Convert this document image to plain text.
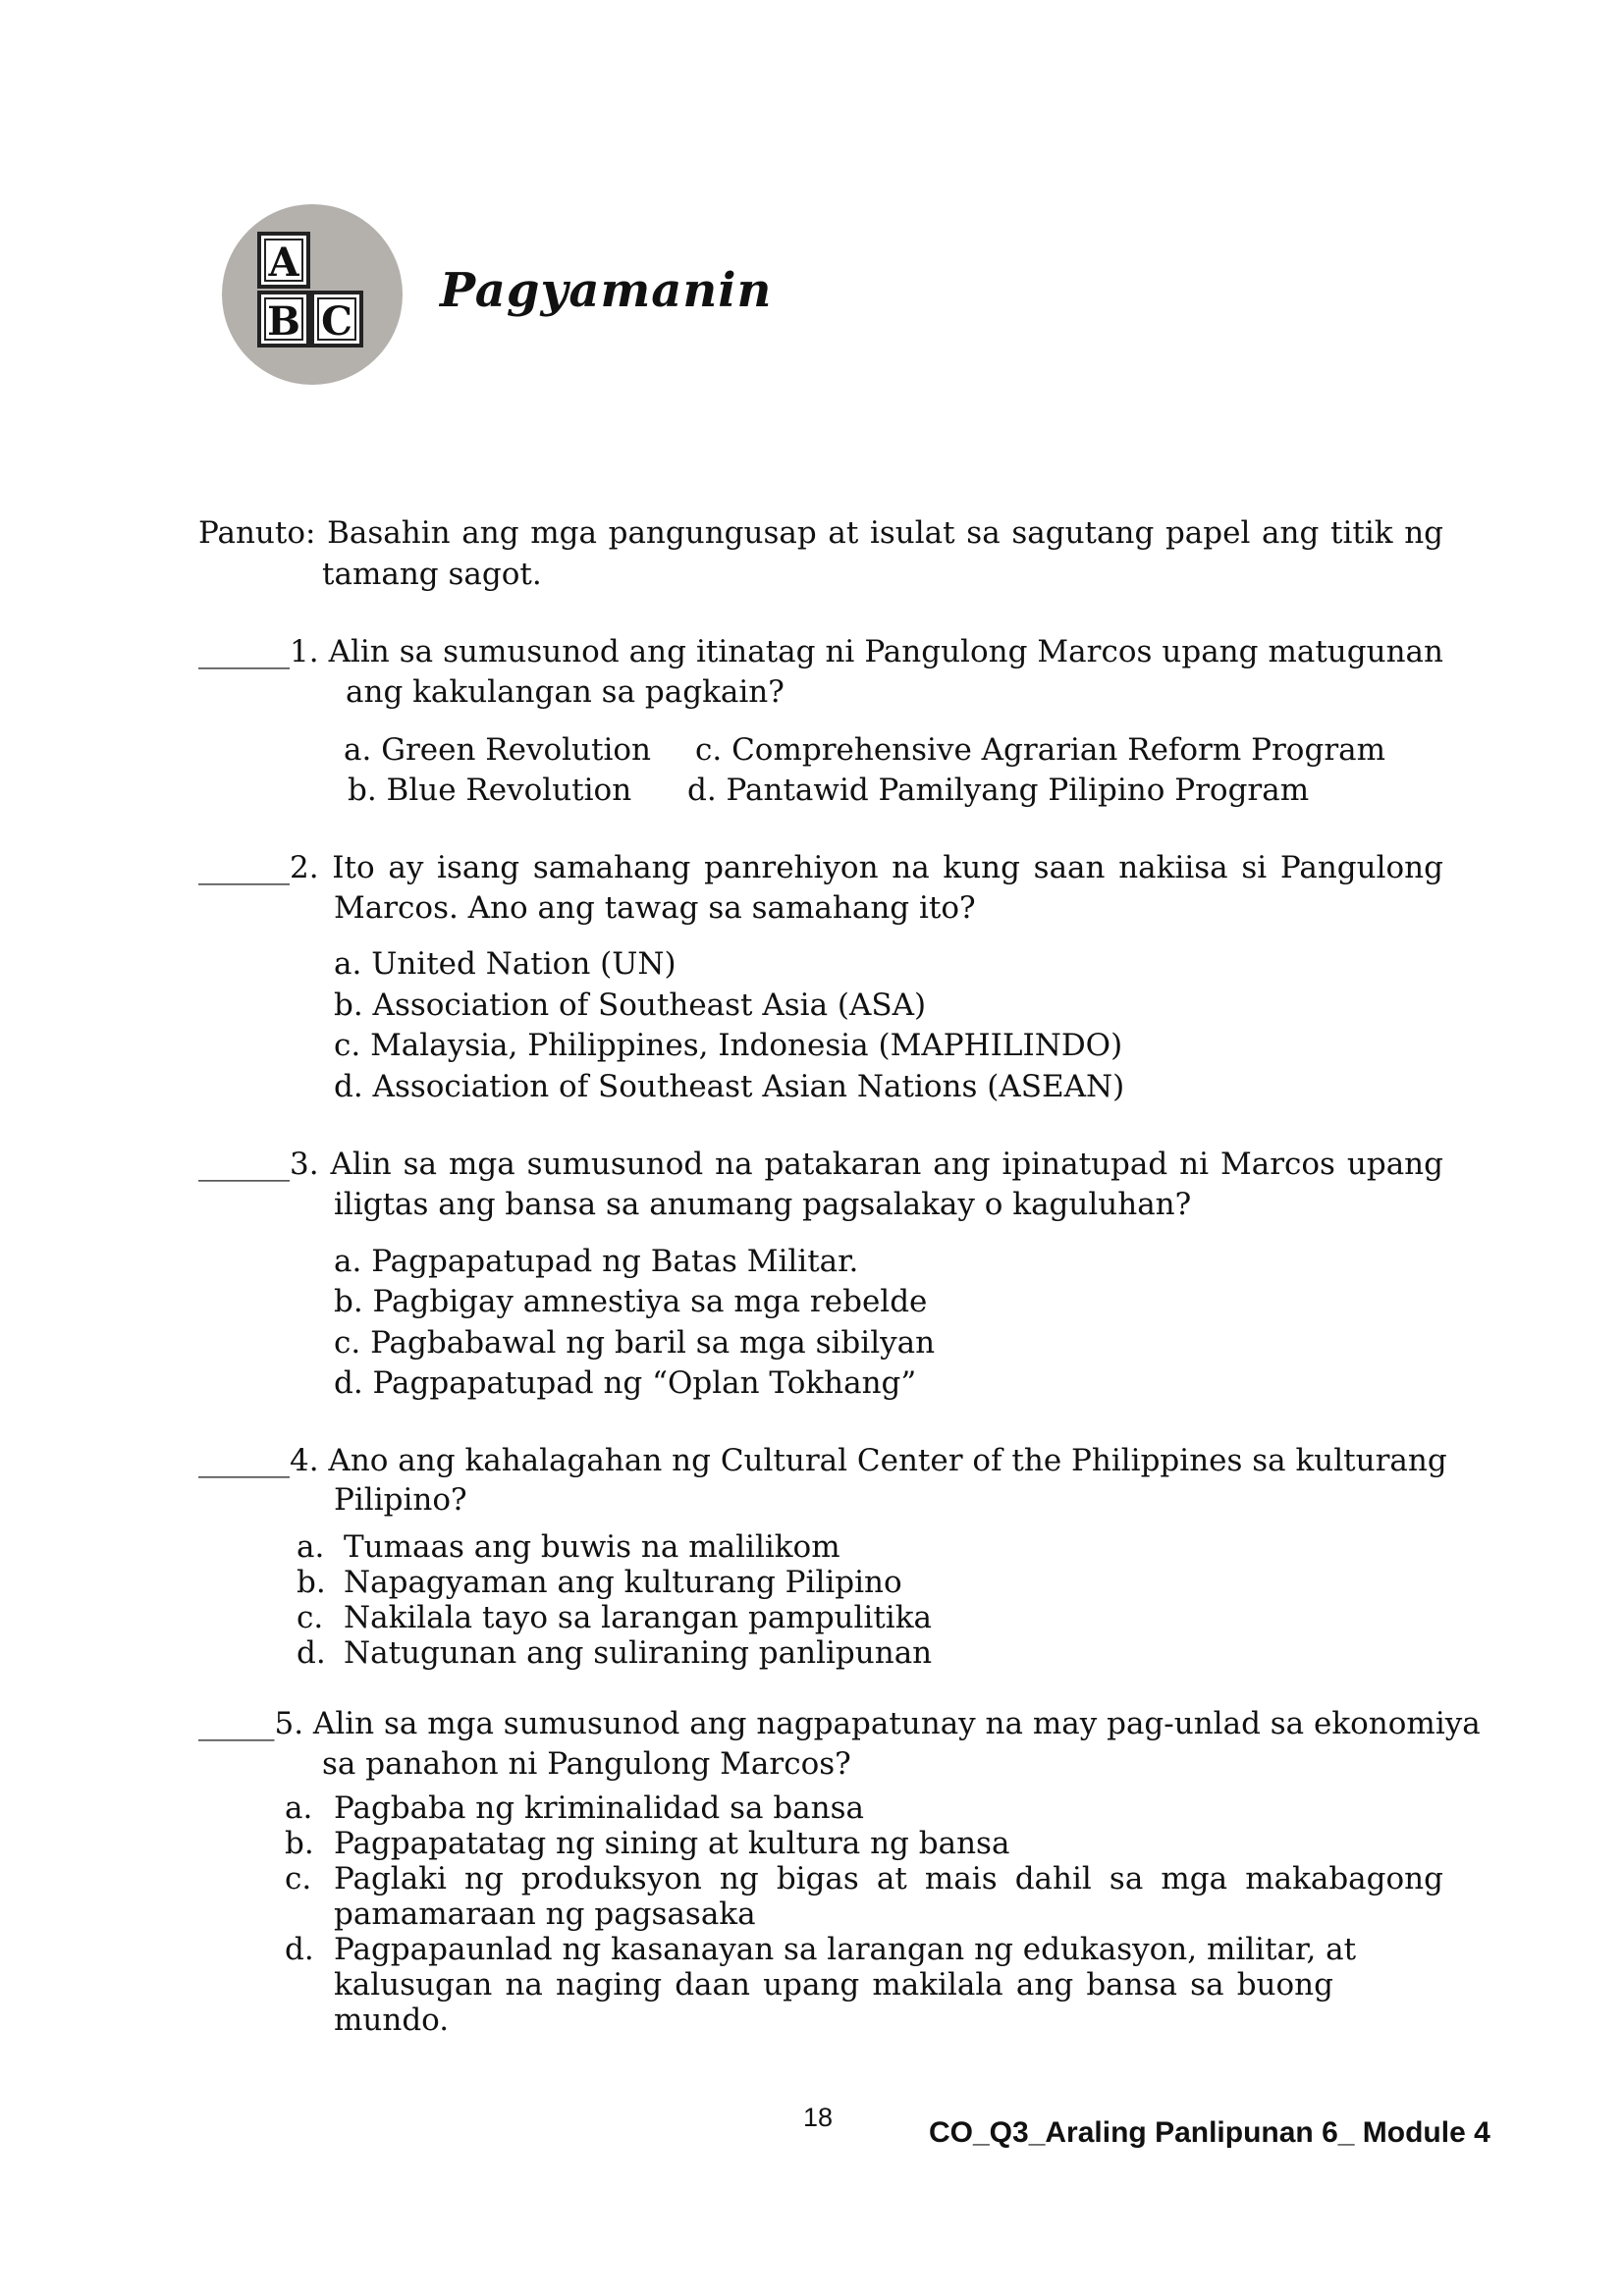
A
B C
Pagyamanin
Panuto: Basahin ang mga pangungusap at isulat sa sagutang papel ang titik ng
tamang sagot.
______1. Alin sa sumusunod ang itinatag ni Pangulong Marcos upang matugunan
ang kakulangan sa pagkain?
a. Green Revolution c. Comprehensive Agrarian Reform Program
b. Blue Revolution d. Pantawid Pamilyang Pilipino Program
______2. Ito ay isang samahang panrehiyon na kung saan nakiisa si Pangulong
Marcos. Ano ang tawag sa samahang ito?
a. United Nation (UN)
b. Association of Southeast Asia (ASA)
c. Malaysia, Philippines, Indonesia (MAPHILINDO)
d. Association of Southeast Asian Nations (ASEAN)
______3. Alin sa mga sumusunod na patakaran ang ipinatupad ni Marcos upang
iligtas ang bansa sa anumang pagsalakay o kaguluhan?
a. Pagpapatupad ng Batas Militar.
b. Pagbigay amnestiya sa mga rebelde
c. Pagbabawal ng baril sa mga sibilyan
d. Pagpapatupad ng “Oplan Tokhang”
______4. Ano ang kahalagahan ng Cultural Center of the Philippines sa kulturang
Pilipino?
a. Tumaas ang buwis na malilikom
b. Napagyaman ang kulturang Pilipino
c. Nakilala tayo sa larangan pampulitika
d. Natugunan ang suliraning panlipunan
_____5. Alin sa mga sumusunod ang nagpapatunay na may pag-unlad sa ekonomiya
sa panahon ni Pangulong Marcos?
a. Pagbaba ng kriminalidad sa bansa
b. Pagpapatatag ng sining at kultura ng bansa
c. Paglaki ng produksyon ng bigas at mais dahil sa mga makabagong
pamamaraan ng pagsasaka
d. Pagpapaunlad ng kasanayan sa larangan ng edukasyon, militar, at
kalusugan na naging daan upang makilala ang bansa sa buong
mundo.
18	CO_Q3_Araling Panlipunan 6_ Module 4
